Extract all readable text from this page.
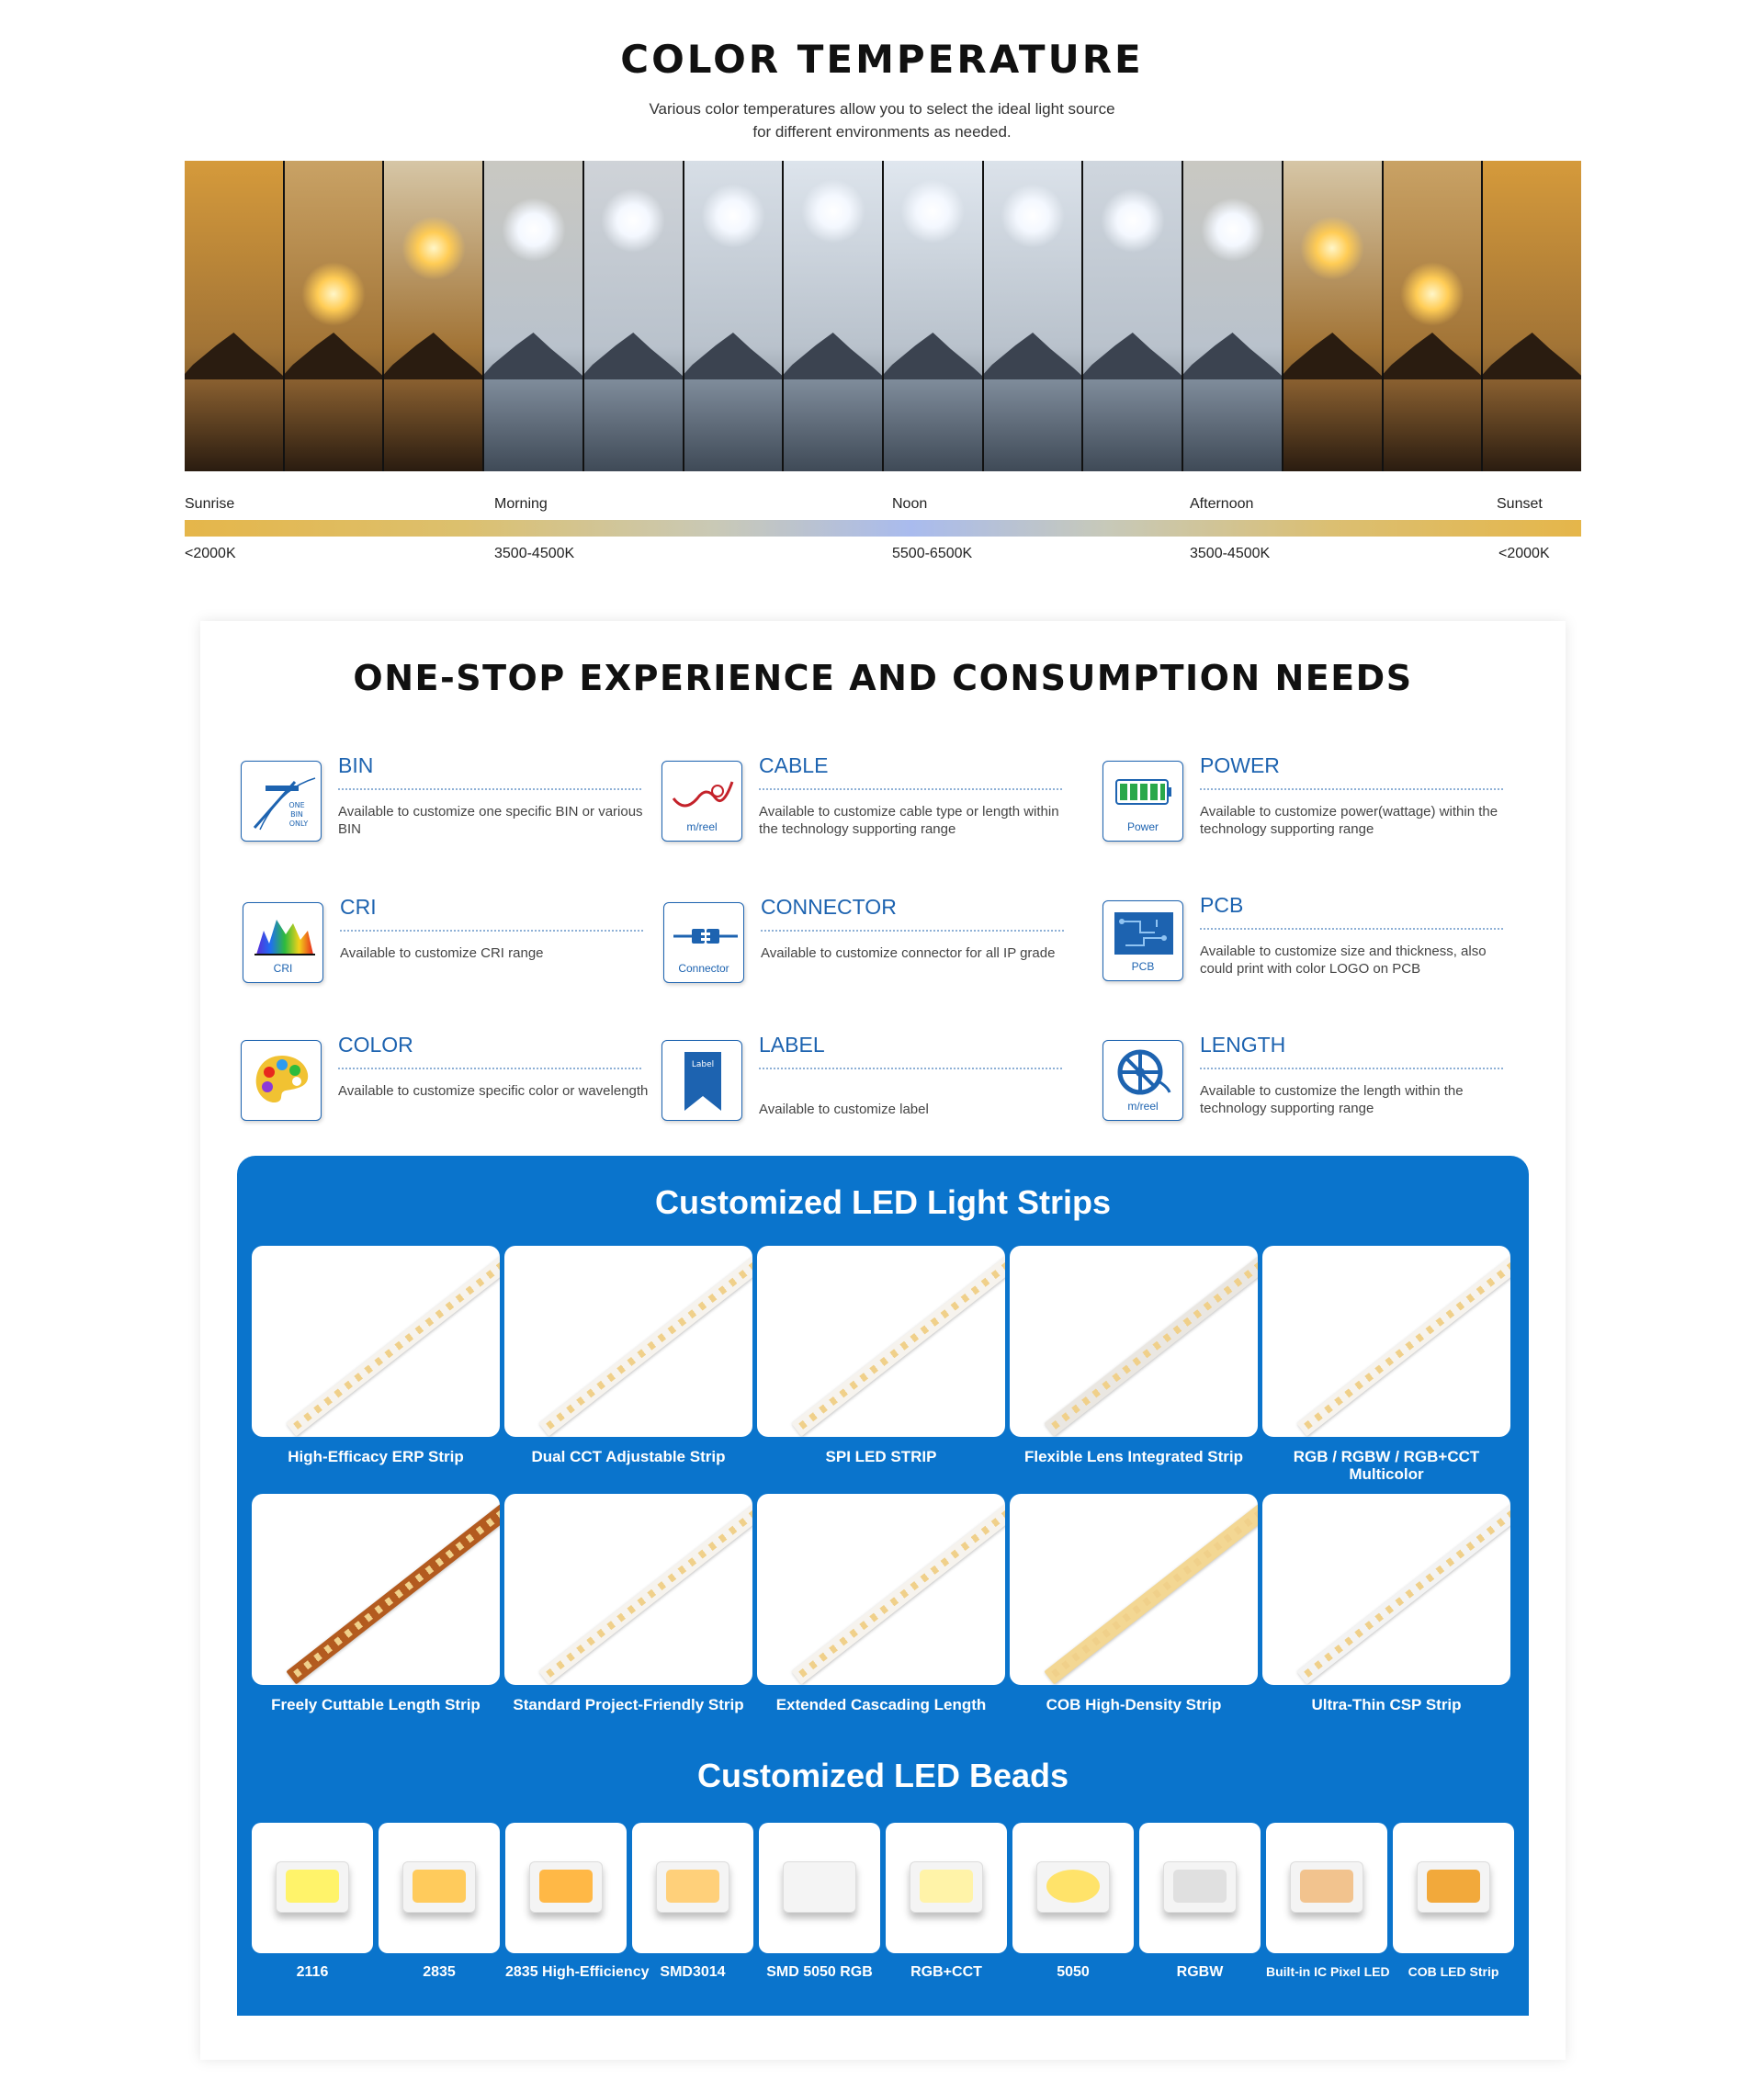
COLOR TEMPERATURE
Various color temperatures allow you to select the ideal light source
for different environments as needed.
Sunrise	Morning	Noon	Afternoon	Sunset
<2000K	3500-4500K	5500-6500K	3500-4500K	<2000K
ONE-STOP EXPERIENCE AND CONSUMPTION NEEDS
ONE
BIN
ONLY
BIN
Available to customize one specific BIN or various BIN	m/reel
CABLE
Available to customize cable type or length within the technology supporting range	Power
POWER
Available to customize power(wattage) within the technology supporting range
CRI
CRI
Available to customize CRI range
Connector
CONNECTOR
Available to customize connector for all IP grade
PCB
PCB
Available to customize size and thickness, also could print with color LOGO on PCB
COLOR
Available to customize specific color or wavelength
Label
LABEL
Available to customize label	m/reel
LENGTH
Available to customize the length within the technology supporting range
Customized LED Light Strips
High-Efficacy ERP Strip	Dual CCT Adjustable Strip	SPI LED STRIP	Flexible Lens Integrated Strip	RGB / RGBW / RGB+CCT Multicolor
Freely Cuttable Length Strip	Standard Project-Friendly Strip	Extended Cascading Length	COB High-Density Strip	Ultra-Thin CSP Strip
Customized LED Beads
2116	2835	2835 High-Efficiency SMD3014	SMD 5050 RGB	RGB+CCT	5050	RGBW	Built-in IC Pixel LED	COB LED Strip
